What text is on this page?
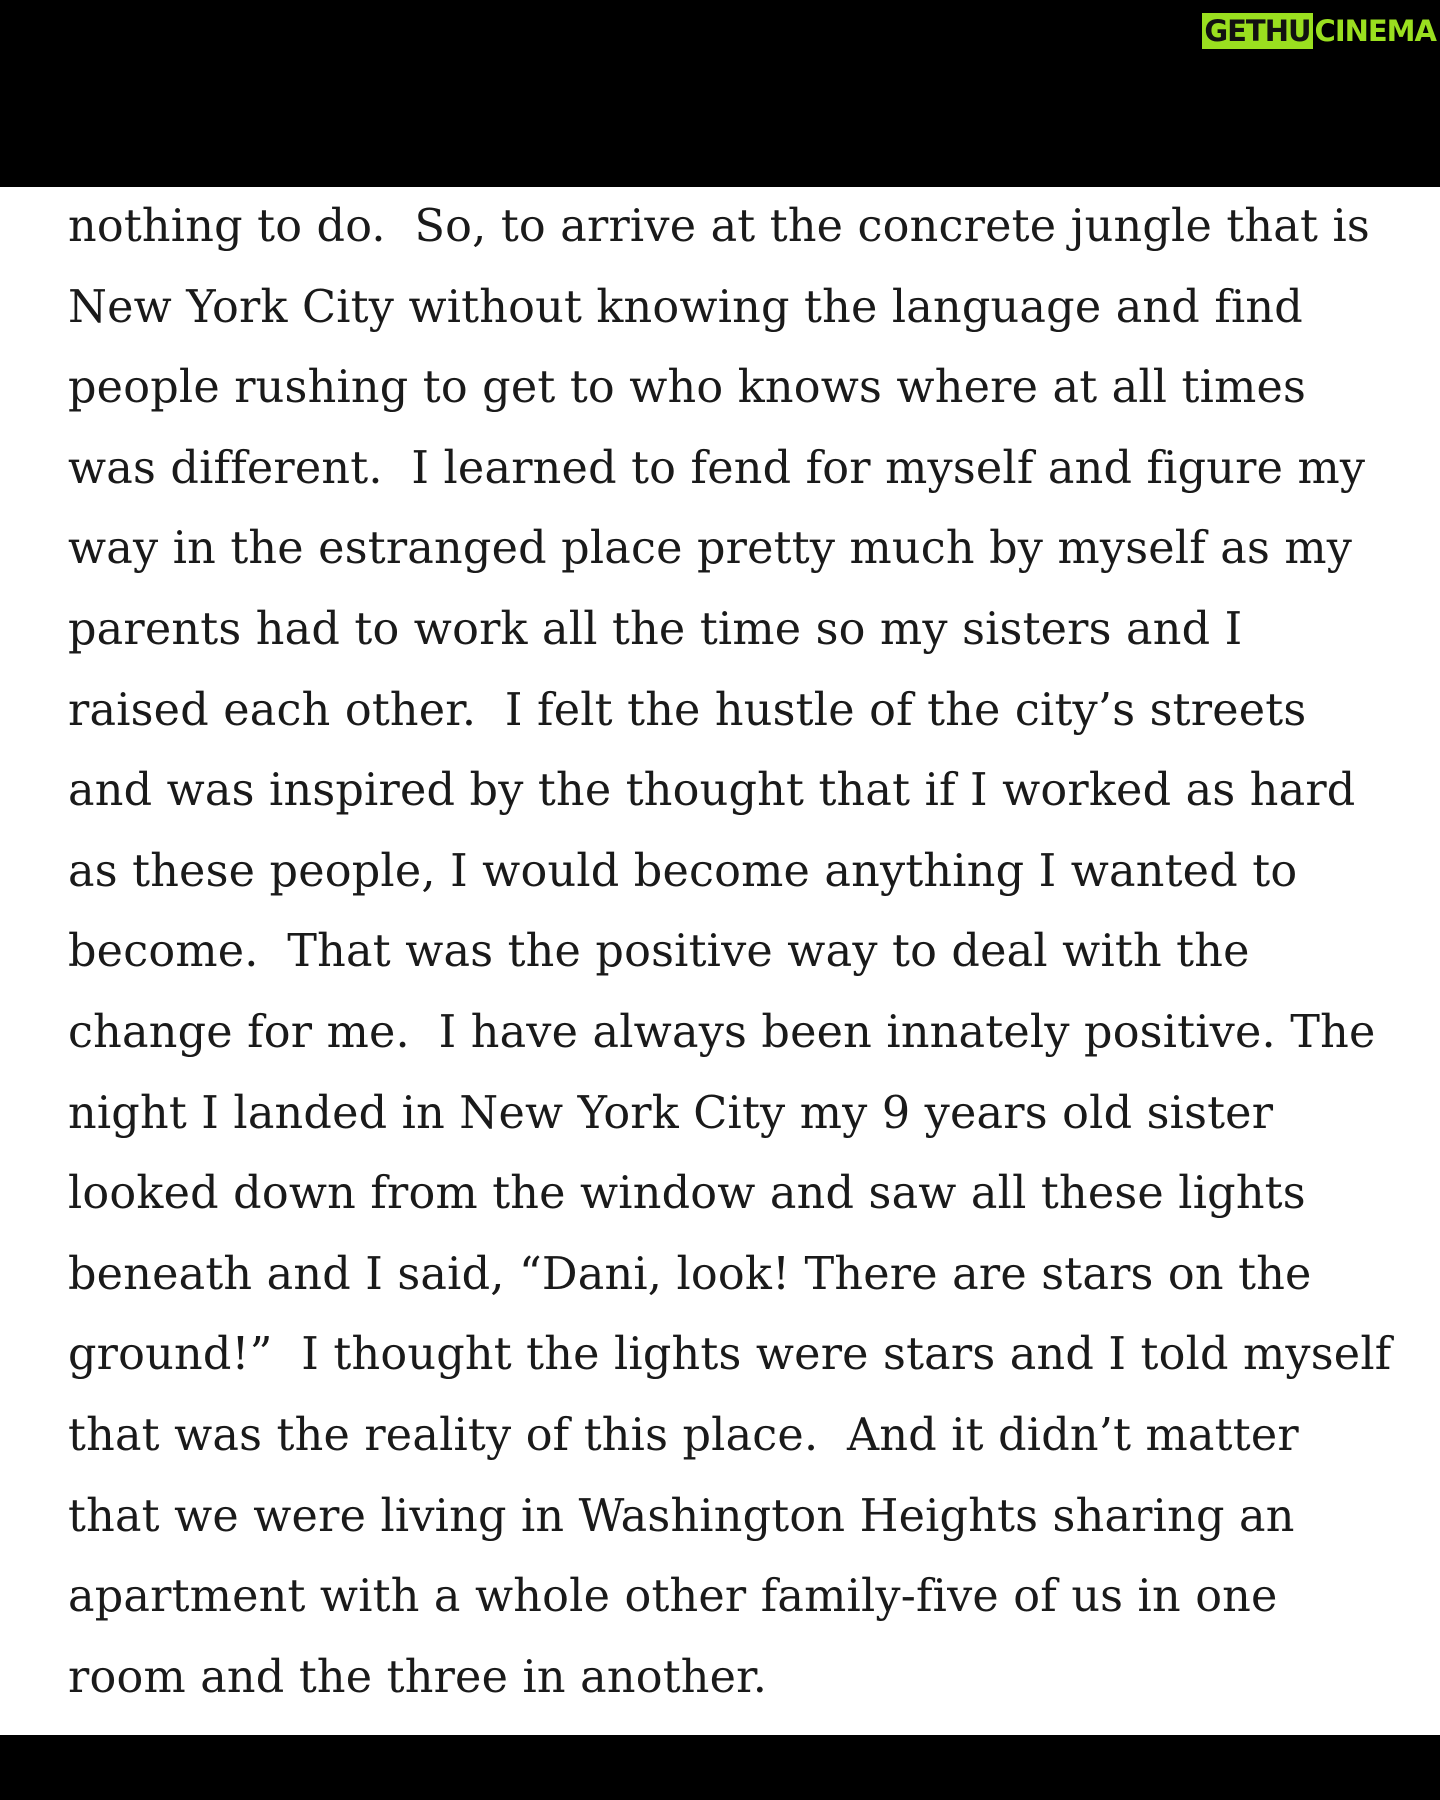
GETHU CINEMA
nothing to do.  So, to arrive at the concrete jungle that is
New York City without knowing the language and find
people rushing to get to who knows where at all times
was different.  I learned to fend for myself and figure my
way in the estranged place pretty much by myself as my
parents had to work all the time so my sisters and I
raised each other.  I felt the hustle of the city’s streets
and was inspired by the thought that if I worked as hard
as these people, I would become anything I wanted to
become.  That was the positive way to deal with the
change for me.  I have always been innately positive. The
night I landed in New York City my 9 years old sister
looked down from the window and saw all these lights
beneath and I said, “Dani, look! There are stars on the
ground!”  I thought the lights were stars and I told myself
that was the reality of this place.  And it didn’t matter
that we were living in Washington Heights sharing an
apartment with a whole other family-five of us in one
room and the three in another.
